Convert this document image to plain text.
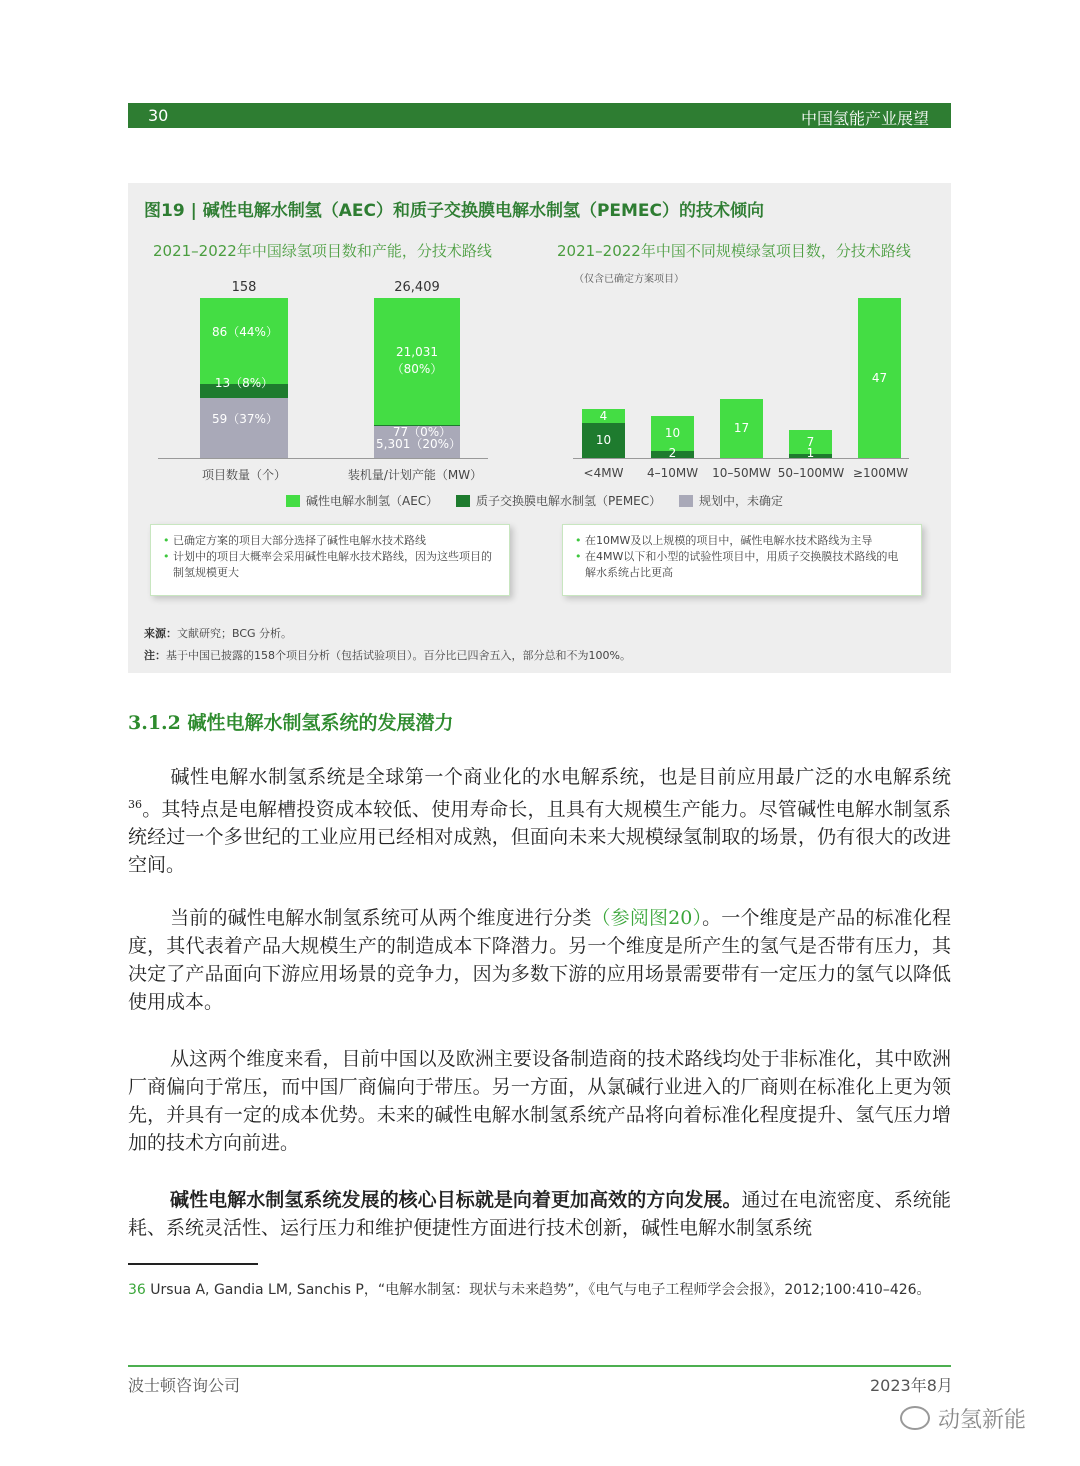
30	中国氢能产业展望
图19 | 碱性电解水制氢（AEC）和质子交换膜电解水制氢（PEMEC）的技术倾向
2021–2022年中国绿氢项目数和产能，分技术路线	2021–2022年中国不同规模绿氢项目数，分技术路线
（仅含已确定方案项目）
158
86（44%）
13（8%）
59（37%）
项目数量（个）
26,409
21,031（80%）
77（0%）
5,301（20%）
装机量/计划产能（MW）
4
10
<4MW
10
2
4–10MW
17
10–50MW
7
1
50–100MW
47
≥100MW
碱性电解水制氢（AEC）	质子交换膜电解水制氢（PEMEC）	规划中，未确定
• 已确定方案的项目大部分选择了碱性电解水技术路线
• 计划中的项目大概率会采用碱性电解水技术路线，因为这些项目的制氢规模更大
• 在10MW及以上规模的项目中，碱性电解水技术路线为主导
• 在4MW以下和小型的试验性项目中，用质子交换膜技术路线的电解水系统占比更高
来源：文献研究；BCG 分析。
注：基于中国已披露的158个项目分析（包括试验项目）。百分比已四舍五入，部分总和不为100%。
3.1.2 碱性电解水制氢系统的发展潜力
碱性电解水制氢系统是全球第一个商业化的水电解系统，也是目前应用最广泛的水电解系统$^{36}$。其特点是电解槽投资成本较低、使用寿命长，且具有大规模生产能力。尽管碱性电解水制氢系统经过一个多世纪的工业应用已经相对成熟，但面向未来大规模绿氢制取的场景，仍有很大的改进空间。
当前的碱性电解水制氢系统可从两个维度进行分类（参阅图20）。一个维度是产品的标准化程度，其代表着产品大规模生产的制造成本下降潜力。另一个维度是所产生的氢气是否带有压力，其决定了产品面向下游应用场景的竞争力，因为多数下游的应用场景需要带有一定压力的氢气以降低使用成本。
从这两个维度来看，目前中国以及欧洲主要设备制造商的技术路线均处于非标准化，其中欧洲厂商偏向于常压，而中国厂商偏向于带压。另一方面，从氯碱行业进入的厂商则在标准化上更为领先，并具有一定的成本优势。未来的碱性电解水制氢系统产品将向着标准化程度提升、氢气压力增加的技术方向前进。
碱性电解水制氢系统发展的核心目标就是向着更加高效的方向发展。通过在电流密度、系统能耗、系统灵活性、运行压力和维护便捷性方面进行技术创新，碱性电解水制氢系统
36 Ursua A, Gandia LM, Sanchis P，“电解水制氢：现状与未来趋势”，《电气与电子工程师学会会报》，2012;100:410–426。
波士顿咨询公司	2023年8月
动氢新能
